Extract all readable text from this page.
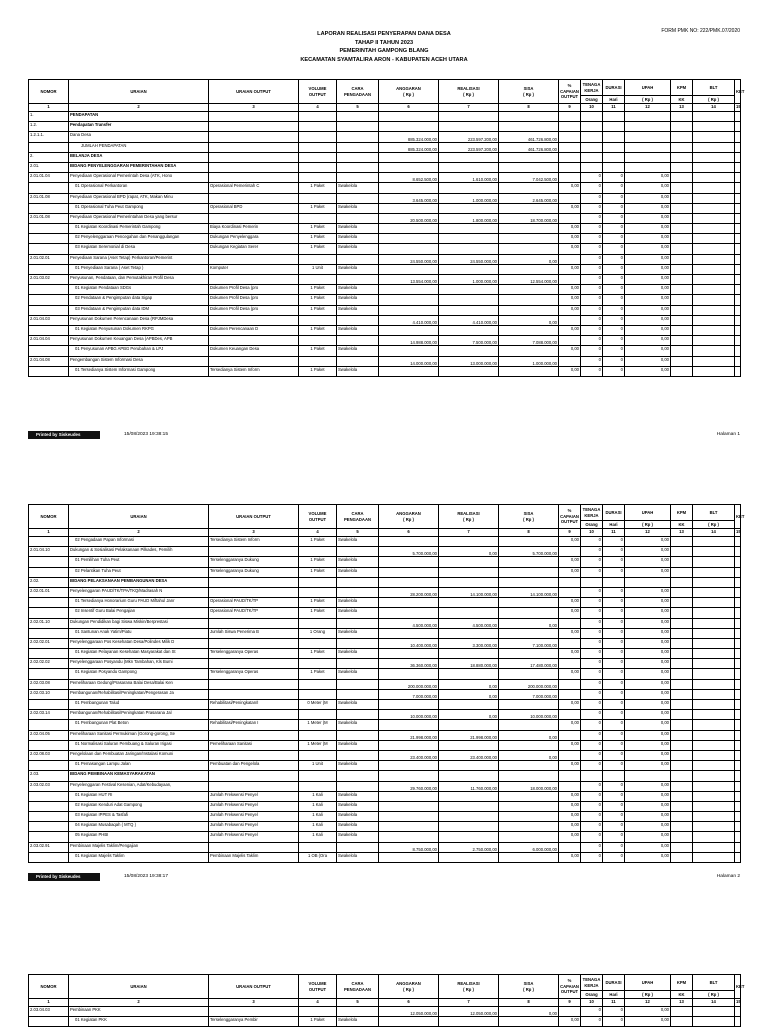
FORM PMK NO: 222/PMK.07/2020
LAPORAN REALISASI PENYERAPAN DANA DESA
TAHAP II TAHUN 2023
PEMERINTAH GAMPONG BLANG
KECAMATAN SYAMTALIRA ARON - KABUPATEN ACEH UTARA
NOMOR	URAIAN	URAIAN OUTPUT	VOLUME OUTPUT	CARA PENGADAAN	ANGGARAN
( Rp )	REALISASI
( Rp )	SISA
( Rp )	% CAPAIAN OUTPUT	TENAGA KERJA	DURASI	UPAH	KPM	BLT	KET
									Orang	Hari	( Rp )	KK	( Rp )	
1	2	3	4	5	6	7	8	9	10	11	12	13	14	15
1.	PENDAPATAN													
1.2.	Pendapatan Transfer													
1.2.1.1.	Dana Desa				885.324.000,00	223.597.200,00	461.726.800,00							
	JUMLAH PENDAPATAN				885.324.000,00	223.597.200,00	461.726.800,00							
2.	BELANJA DESA													
2.01.	BIDANG PENYELENGGARAN PEMERINTAHAN DESA													
2.01.01.04	Penyediaan Operasional Pemerintah Desa (ATK, Hono				8.652.500,00	1.610.000,00	7.042.500,00		0	0	0,00			
	01 Operasional Perkantoran	Operasional Pemerintah C	1 Paket	Swakelola				0,00	0	0	0,00			
2.01.01.08	Penyediaan Operasional BPD (rapat, ATK, Makan Minu				3.645.000,00	1.000.000,00	2.645.000,00		0	0	0,00			
	01 Operasional Tuha Peut Gampong	Operasional BPD	1 Paket	Swakelola				0,00	0	0	0,00			
2.01.01.08	Penyediaan Operasional Pemerintahan Desa yang bersur				20.500.000,00	1.800.000,00	18.700.000,00		0	0	0,00			
	01 Kegiatan Koordinasi Pemerintah Gampong	Biaya Koordinasi Pemerin	1 Paket	Swakelola				0,00	0	0	0,00			
	02 Penyelenggaraan Pencegahan dan Penanggulangan	Dukungan Penyelenggara	1 Paket	Swakelola				0,00	0	0	0,00			
	03 Kegiatan Seremonial di Desa	Dukungan Kegiatan Serer	1 Paket	Swakelola				0,00	0	0	0,00			
2.01.02.01	Penyediaan Sarana (Aset Tetap) Perkantoran/Pemerint				24.550.000,00	24.550.000,00	0,00		0	0	0,00			
	01 Penyediaan Sarana ( Aset Tetap )	Komputer	1 Unit	Swakelola				0,00	0	0	0,00			
2.01.03.02	Penyusunan, Pendataan, dan Pemutakhiran Profil Desa				13.554.000,00	1.000.000,00	12.554.000,00		0	0	0,00			
	01 Kegiatan Pendataan SDGs	Dokumen Profil Desa (pro	1 Paket	Swakelola				0,00	0	0	0,00			
	02 Pendataan & Pengimputan data Sigap	Dokumen Profil Desa (pro	1 Paket	Swakelola				0,00	0	0	0,00			
	03 Pendataan & Pengimputan data IDM	Dokumen Profil Desa (pro	1 Paket	Swakelola				0,00	0	0	0,00			
2.01.04.03	Penyusunan Dokumen Perencanaan Desa (RPJMDesa				4.410.000,00	4.410.000,00	0,00		0	0	0,00			
	01 Kegiatan Penyusunan Dokumen RKPG	Dokumen Perencanaan D	1 Paket	Swakelola				0,00	0	0	0,00			
2.01.04.04	Penyusunan Dokumen Keuangan Desa (APBDes, APB				14.988.000,00	7.500.000,00	7.088.000,00		0	0	0,00			
	01 Penyusunan APBG APBG Perubahan & LPJ	Dokumen Keuangan Desa	1 Paket	Swakelola				0,00	0	0	0,00			
2.01.04.08	Pengembangan Sistem Informasi Desa				14.000.000,00	13.000.000,00	1.000.000,00		0	0	0,00			
	01 Tersedianya Sistem Informasi Gampong	Tersedianya Sistem Inform	1 Paket	Swakelola				0,00	0	0	0,00			
Printed by Siskeudes	15/08/2023 19:38:15	Halaman 1
NOMOR	URAIAN	URAIAN OUTPUT	VOLUME OUTPUT	CARA PENGADAAN	ANGGARAN
( Rp )	REALISASI
( Rp )	SISA
( Rp )	% CAPAIAN OUTPUT	TENAGA KERJA	DURASI	UPAH	KPM	BLT	KET
									Orang	Hari	( Rp )	KK	( Rp )	
1	2	3	4	5	6	7	8	9	10	11	12	13	14	15
	02 Pengadaan Papan Informasi	Tersedianya Sistem Inform	1 Paket	Swakelola				0,00	0	0	0,00			
2.01.04.10	Dukungan & Sosialisasi Pelaksanaan Pilkades, Pemilih				5.700.000,00	0,00	5.700.000,00		0	0	0,00			
	01 Pemilihan Tuha Peut	Terselenggaranya Dukung	1 Paket	Swakelola				0,00	0	0	0,00			
	02 Pelantikan Tuha Peut	Terselenggaranya Dukung	1 Paket	Swakelola				0,00	0	0	0,00			
2.02.	BIDANG PELAKSANAAN PEMBANGUNAN DESA													
2.02.01.01	Penyelenggaran PAUD/TK/TPA/TKQ/Madrasah N				28.200.000,00	14.100.000,00	14.100.000,00		0	0	0,00			
	01 Tersedianya Honorarium Guru PAUD Miftahul Janr	Operasional PAUD/TK/TP	1 Paket	Swakelola				0,00	0	0	0,00			
	02 Insentif Guru Balai Pengajian	Operasional PAUD/TK/TP	1 Paket	Swakelola				0,00	0	0	0,00			
2.02.01.10	Dukungan Pendidikan bagi Siswa Miskin/Berprestasi				4.500.000,00	4.500.000,00	0,00		0	0	0,00			
	01 Santunan Anak Yatim/Piatu	Jumlah Siswa Penerima B	1 Orang	Swakelola				0,00	0	0	0,00			
2.02.02.01	Penyelenggaraan Pos Kesehatan Desa/Polindes Milik D				10.400.000,00	3.300.000,00	7.100.000,00		0	0	0,00			
	01 Kegiatan Pelayanan Kesehatan Masyarakat dan St	Terselenggaranya Operas	1 Paket	Swakelola				0,00	0	0	0,00			
2.02.02.02	Penyelenggaraan Posyandu (Mkn Tambahan, Kls Bumi				36.360.000,00	18.880.000,00	17.480.000,00		0	0	0,00			
	01 Kegiatan Posyandu Gampong	Terselenggaranya Operas	1 Paket	Swakelola				0,00	0	0	0,00			
2.02.03.08	Pemeliharaan Gedung/Prasarana Balai Desa/Balai Ken				200.000.000,00	0,00	200.000.000,00		0	0	0,00			
2.02.03.10	Pembangunan/Rehabilitasi/Peningkatan/Pengerasan Ja				7.000.000,00	0,00	7.000.000,00		0	0	0,00			
	01 Pembangunan Talud	Rehabilitasi/Peningkatan/I	0 Meter (M	Swakelola				0,00	0	0	0,00			
2.02.03.14	Pembangunan/Rehabilitasi/Peningkatan Prasarana Jal				10.000.000,00	0,00	10.000.000,00		0	0	0,00			
	01 Pembangunan Plat Beton	Rehabilitasi/Peningkatan I	1 Meter (M	Swakelola				0,00	0	0	0,00			
2.02.04.05	Pemeliharaan Sanitasi Permukiman (Gorong-gorong, Se				21.998.000,00	21.998.000,00	0,00		0	0	0,00			
	01 Normalisasi Saluran Pembuang & Saluran Irigasi	Pemeliharaan Sanitasi	1 Meter (M	Swakelola				0,00	0	0	0,00			
2.02.08.03	Pengelolaan dan Pembuatan Jaringan/Instalasi Komuni				23.400.000,00	23.400.000,00	0,00		0	0	0,00			
	01 Pemasangan Lampu Jalan	Pembuatan dan Pengelola	1 Unit	Swakelola				0,00	0	0	0,00			
2.03.	BIDANG PEMBINAAN KEMASYARAKATAN													
2.03.02.03	Penyelenggaran Festival Kesenian, Adat/Kebudayaan,				29.760.000,00	11.760.000,00	18.000.000,00		0	0	0,00			
	01 Kegiatan HUT RI	Jumlah Frekwensi Penyel	1 Kali	Swakelola				0,00	0	0	0,00			
	02 Kegiatan Kenduri Adat Gampong	Jumlah Frekwensi Penyel	1 Kali	Swakelola				0,00	0	0	0,00			
	03 Kegiatan IPPES & Tasfafi	Jumlah Frekwensi Penyel	1 Kali	Swakelola				0,00	0	0	0,00			
	04 Kegiatan Musabaqah ( MTQ )	Jumlah Frekwensi Penyel	1 Kali	Swakelola				0,00	0	0	0,00			
	05 Kegiatan PHBI	Jumlah Frekwensi Penyel	1 Kali	Swakelola				0,00	0	0	0,00			
2.03.02.91	Pembinaan Majelis Taklim/Pengajian				8.750.000,00	2.750.000,00	6.000.000,00		0	0	0,00			
	01 Kegiatan Majelis Taklim	Pembinaan Majelis Taklim	1 OB (Ora	Swakelola				0,00	0	0	0,00			
Printed by Siskeudes	15/08/2023 19:38:17	Halaman 2
NOMOR	URAIAN	URAIAN OUTPUT	VOLUME OUTPUT	CARA PENGADAAN	ANGGARAN
( Rp )	REALISASI
( Rp )	SISA
( Rp )	% CAPAIAN OUTPUT	TENAGA KERJA	DURASI	UPAH	KPM	BLT	KET
									Orang	Hari	( Rp )	KK	( Rp )	
1	2	3	4	5	6	7	8	9	10	11	12	13	14	15
2.03.04.03	Pembinaan PKK				12.050.000,00	12.050.000,00	0,00		0	0	0,00			
	01 Kegiatan PKK	Terselenggaranya Pembir	1 Paket	Swakelola				0,00	0	0	0,00			
